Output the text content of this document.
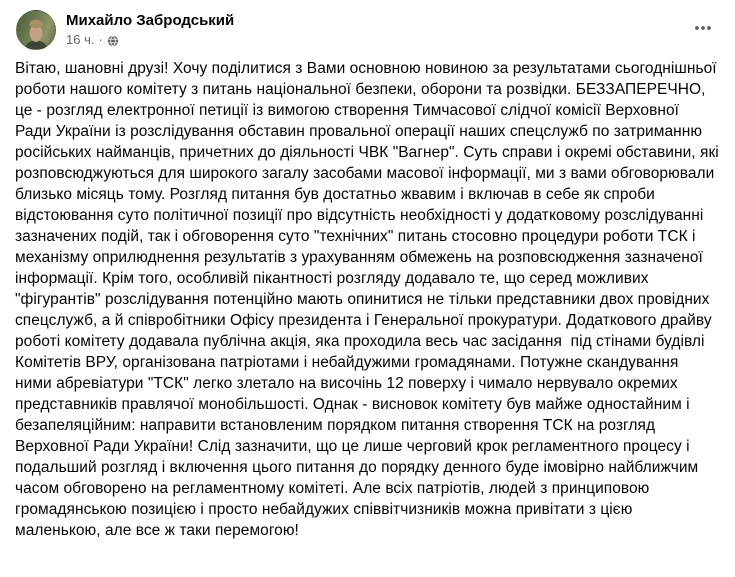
Михайло Забродський
16 ч. ·
Вітаю, шановні друзі! Хочу поділитися з Вами основною новиною за результатами сьогоднішньої роботи нашого комітету з питань національної безпеки, оборони та розвідки. БЕЗЗАПЕРЕЧНО, це - розгляд електронної петиції із вимогою створення Тимчасової слідчої комісії Верховної Ради України із розслідування обставин провальної операції наших спецслужб по затриманню російських найманців, причетних до діяльності ЧВК "Вагнер". Суть справи і окремі обставини, які розповсюджуються для широкого загалу засобами масової інформації, ми з вами обговорювали близько місяць тому. Розгляд питання був достатньо жвавим і включав в себе як спроби відстоювання суто політичної позиції про відсутність необхідності у додатковому розслідуванні зазначених подій, так і обговорення суто "технічних" питань стосовно процедури роботи ТСК і механізму оприлюднення результатів з урахуванням обмежень на розповсюдження зазначеної інформації. Крім того, особливій пікантності розгляду додавало те, що серед можливих "фігурантів" розслідування потенційно мають опинитися не тільки представники двох провідних спецслужб, а й співробітники Офісу президента і Генеральної прокуратури. Додаткового драйву роботі комітету додавала публічна акція, яка проходила весь час засідання  під стінами будівлі Комітетів ВРУ, організована патріотами і небайдужими громадянами. Потужне скандування ними абревіатури "ТСК" легко злетало на височінь 12 поверху і чимало нервувало окремих представників правлячої монобільшості. Однак - висновок комітету був майже одностайним і безапеляційним: направити встановленим порядком питання створення ТСК на розгляд Верховної Ради України! Слід зазначити, що це лише черговий крок регламентного процесу і подальший розгляд і включення цього питання до порядку денного буде імовірно найближчим часом обговорено на регламентному комітеті. Але всіх патріотів, людей з принциповою громадянською позицією і просто небайдужих співвітчизників можна привітати з цією маленькою, але все ж таки перемогою!
